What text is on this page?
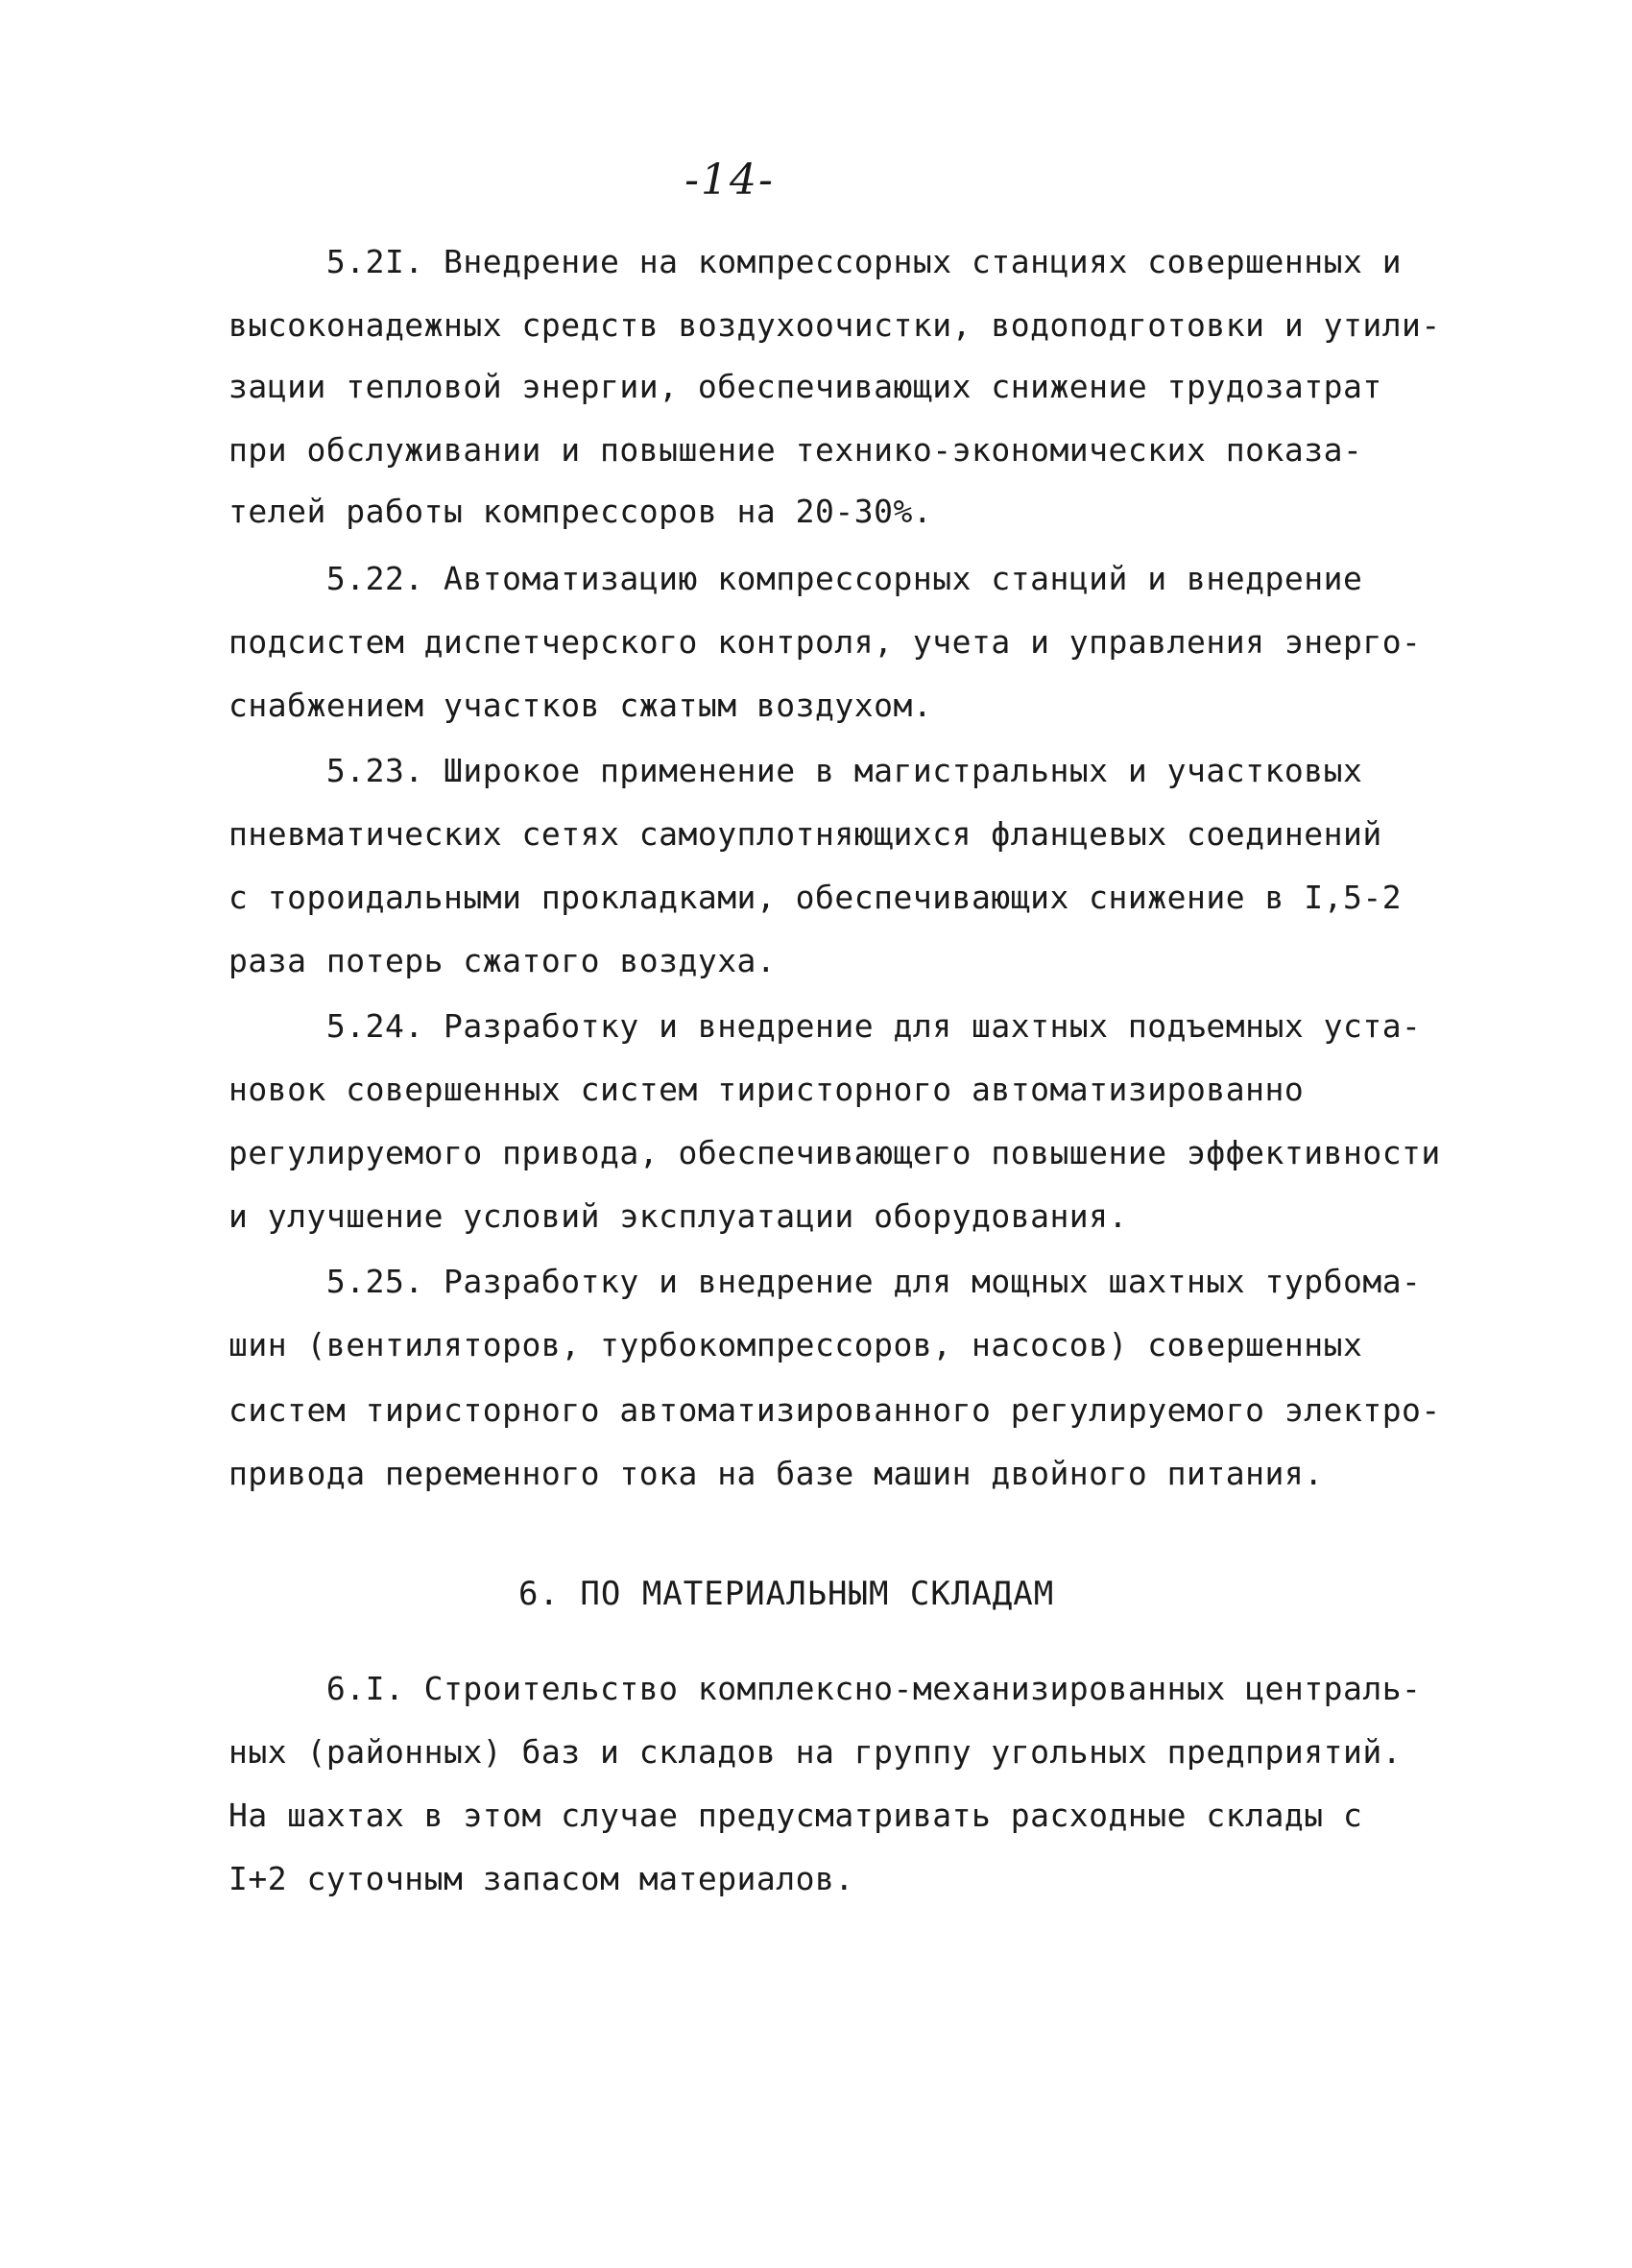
-14-
5.2I. Внедрение на компрессорных станциях совершенных и
высоконадежных средств воздухоочистки, водоподготовки и утили-
зации тепловой энергии, обеспечивающих снижение трудозатрат
при обслуживании и повышение технико-экономических показа-
телей работы компрессоров на 20-30%.
5.22. Автоматизацию компрессорных станций и внедрение
подсистем диспетчерского контроля, учета и управления энерго-
снабжением участков сжатым воздухом.
5.23. Широкое применение в магистральных и участковых
пневматических сетях самоуплотняющихся фланцевых соединений
с тороидальными прокладками, обеспечивающих снижение в I,5-2
раза потерь сжатого воздуха.
5.24. Разработку и внедрение для шахтных подъемных уста-
новок совершенных систем тиристорного автоматизированно
регулируемого привода, обеспечивающего повышение эффективности
и улучшение условий эксплуатации оборудования.
5.25. Разработку и внедрение для мощных шахтных турбома-
шин (вентиляторов, турбокомпрессоров, насосов) совершенных
систем тиристорного автоматизированного регулируемого электро-
привода переменного тока на базе машин двойного питания.
6. ПО МАТЕРИАЛЬНЫМ СКЛАДАМ
6.I. Строительство комплексно-механизированных централь-
ных (районных) баз и складов на группу угольных предприятий.
На шахтах в этом случае предусматривать расходные склады с
I+2 суточным запасом материалов.
